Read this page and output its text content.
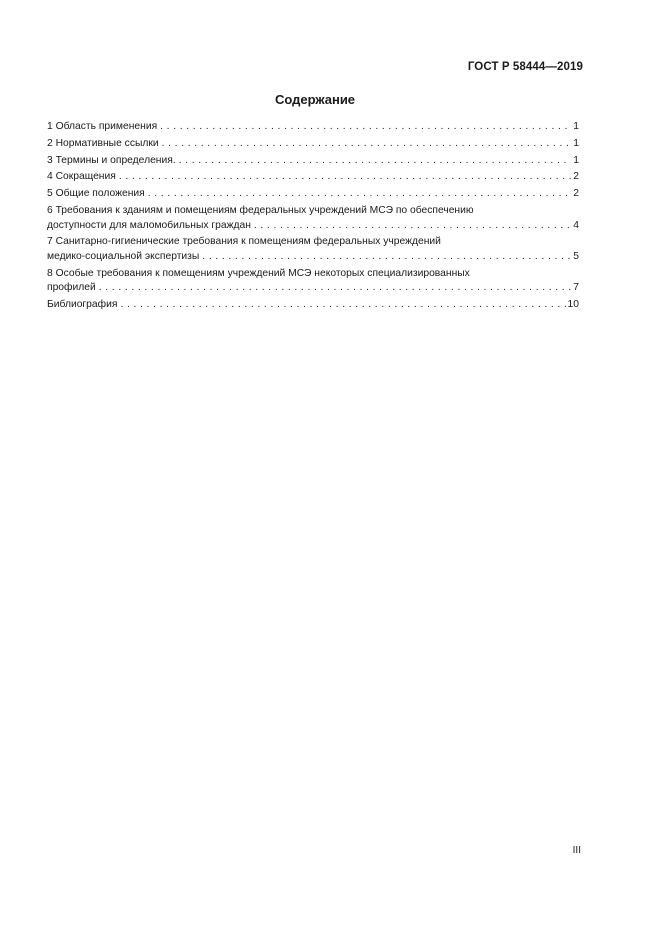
ГОСТ Р 58444—2019
Содержание
1 Область применения . . .	1
2 Нормативные ссылки . . .	1
3 Термины и определения. . . .	1
4 Сокращения . . .	2
5 Общие положения . . .	2
6 Требования к зданиям и помещениям федеральных учреждений МСЭ по обеспечению
доступности для маломобильных граждан . . .	4
7 Санитарно-гигиенические требования к помещениям федеральных учреждений
медико-социальной экспертизы . . .	5
8 Особые требования к помещениям учреждений МСЭ некоторых специализированных
профилей . . .	7
Библиография . . .	10
III
